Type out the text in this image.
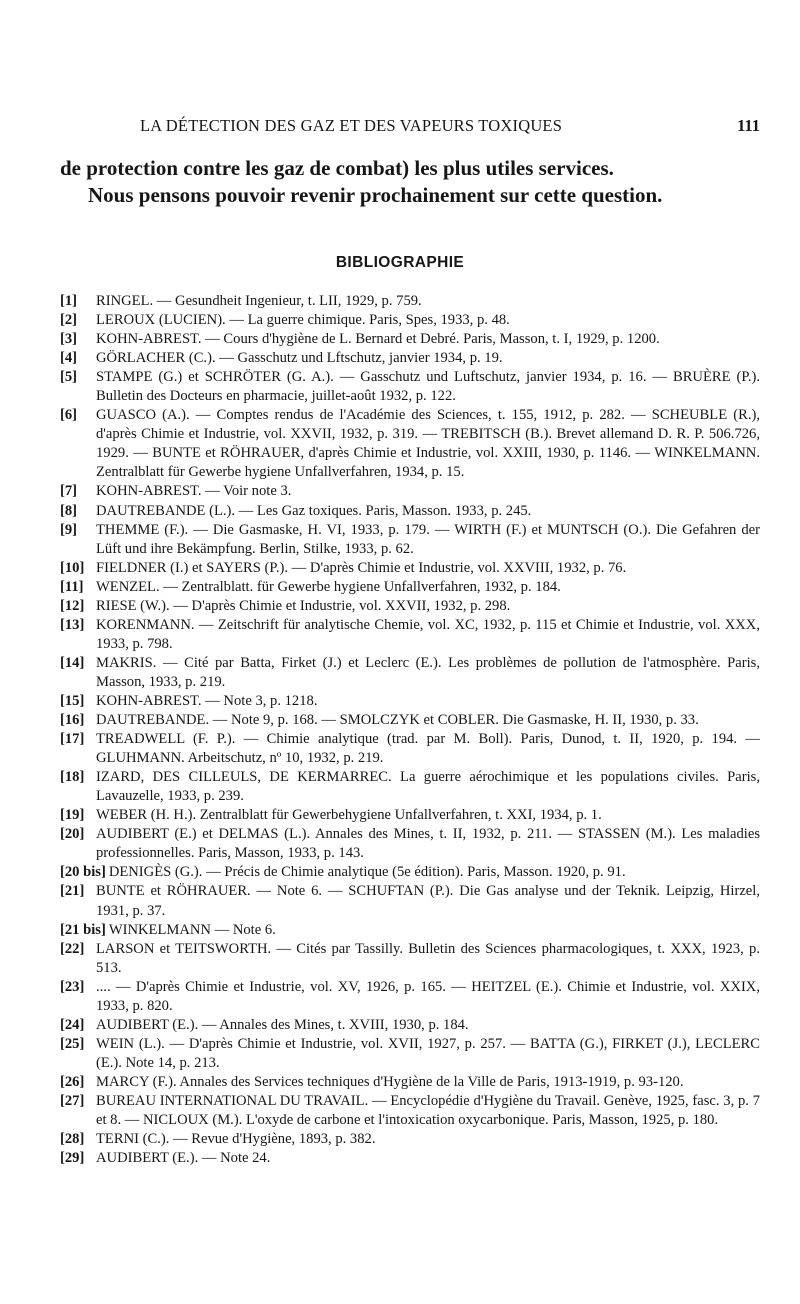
LA DÉTECTION DES GAZ ET DES VAPEURS TOXIQUES	111

de protection contre les gaz de combat) les plus utiles services.

Nous pensons pouvoir revenir prochainement sur cette question.

BIBLIOGRAPHIE
[1]	RINGEL. — Gesundheit Ingenieur, t. LII, 1929, p. 759.
[2]	LEROUX (LUCIEN). — La guerre chimique. Paris, Spes, 1933, p. 48.
[3]	KOHN-ABREST. — Cours d'hygiène de L. Bernard et Debré. Paris, Masson, t. I, 1929, p. 1200.
[4]	GÖRLACHER (C.). — Gasschutz und Lftschutz, janvier 1934, p. 19.
[5]	STAMPE (G.) et SCHRÖTER (G. A.). — Gasschutz und Luftschutz, janvier 1934, p. 16. — BRUÈRE (P.). Bulletin des Docteurs en pharmacie, juillet-août 1932, p. 122.
[6]	GUASCO (A.). — Comptes rendus de l'Académie des Sciences, t. 155, 1912, p. 282. — SCHEUBLE (R.), d'après Chimie et Industrie, vol. XXVII, 1932, p. 319. — TREBITSCH (B.). Brevet allemand D. R. P. 506.726, 1929. — BUNTE et RÖHRAUER, d'après Chimie et Industrie, vol. XXIII, 1930, p. 1146. — WINKELMANN. Zentralblatt für Gewerbe hygiene Unfallverfahren, 1934, p. 15.
[7]	KOHN-ABREST. — Voir note 3.
[8]	DAUTREBANDE (L.). — Les Gaz toxiques. Paris, Masson. 1933, p. 245.
[9]	THEMME (F.). — Die Gasmaske, H. VI, 1933, p. 179. — WIRTH (F.) et MUNTSCH (O.). Die Gefahren der Lüft und ihre Bekämpfung. Berlin, Stilke, 1933, p. 62.
[10] FIELDNER (I.) et SAYERS (P.). — D'après Chimie et Industrie, vol. XXVIII, 1932, p. 76.
[11] WENZEL. — Zentralblatt. für Gewerbe hygiene Unfallverfahren, 1932, p. 184.
[12] RIESE (W.). — D'après Chimie et Industrie, vol. XXVII, 1932, p. 298.
[13] KORENMANN. — Zeitschrift für analytische Chemie, vol. XC, 1932, p. 115 et Chimie et Industrie, vol. XXX, 1933, p. 798.
[14] MAKRIS. — Cité par Batta, Firket (J.) et Leclerc (E.). Les problèmes de pollution de l'atmosphère. Paris, Masson, 1933, p. 219.
[15] KOHN-ABREST. — Note 3, p. 1218.
[16] DAUTREBANDE. — Note 9, p. 168. — SMOLCZYK et COBLER. Die Gasmaske, H. II, 1930, p. 33.
[17] TREADWELL (F. P.). — Chimie analytique (trad. par M. Boll). Paris, Dunod, t. II, 1920, p. 194. — GLUHMANN. Arbeitschutz, nº 10, 1932, p. 219.
[18] IZARD, DES CILLEULS, DE KERMARREC. La guerre aérochimique et les populations civiles. Paris, Lavauzelle, 1933, p. 239.
[19] WEBER (H. H.). Zentralblatt für Gewerbehygiene Unfallverfahren, t. XXI, 1934, p. 1.
[20] AUDIBERT (E.) et DELMAS (L.). Annales des Mines, t. II, 1932, p. 211. — STASSEN (M.). Les maladies professionnelles. Paris, Masson, 1933, p. 143.
[20 bis] DENIGÈS (G.). — Précis de Chimie analytique (5e édition). Paris, Masson. 1920, p. 91.
[21] BUNTE et RÖHRAUER. — Note 6. — SCHUFTAN (P.). Die Gas analyse und der Teknik. Leipzig, Hirzel, 1931, p. 37.
[21 bis] WINKELMANN — Note 6.
[22] LARSON et TEITSWORTH. — Cités par Tassilly. Bulletin des Sciences pharmacologiques, t. XXX, 1923, p. 513.
[23] .... — D'après Chimie et Industrie, vol. XV, 1926, p. 165. — HEITZEL (E.). Chimie et Industrie, vol. XXIX, 1933, p. 820.
[24] AUDIBERT (E.). — Annales des Mines, t. XVIII, 1930, p. 184.
[25] WEIN (L.). — D'après Chimie et Industrie, vol. XVII, 1927, p. 257. — BATTA (G.), FIRKET (J.), LECLERC (E.). Note 14, p. 213.
[26] MARCY (F.). Annales des Services techniques d'Hygiène de la Ville de Paris, 1913-1919, p. 93-120.
[27] BUREAU INTERNATIONAL DU TRAVAIL. — Encyclopédie d'Hygiène du Travail. Genève, 1925, fasc. 3, p. 7 et 8. — NICLOUX (M.). L'oxyde de carbone et l'intoxication oxycarbonique. Paris, Masson, 1925, p. 180.
[28] TERNI (C.). — Revue d'Hygiène, 1893, p. 382.
[29] AUDIBERT (E.). — Note 24.
